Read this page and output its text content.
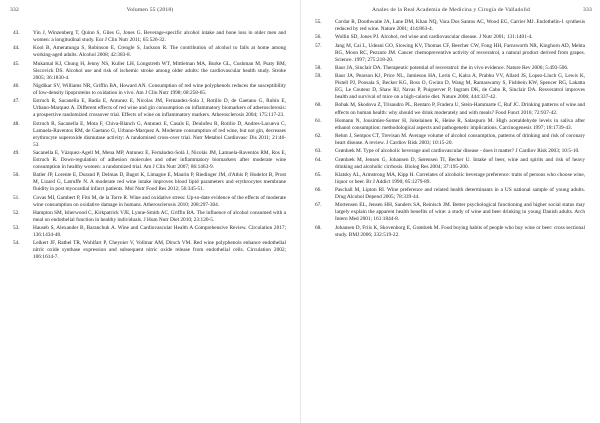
332	Volumen 55 (2018)
43.	Yin J, Winzenberg T, Quinn S, Giles G, Jones G. Beverage-specific alcohol intake and bone loss in older men and women: a longitudinal study. Eur J Clin Nutr 2011; 65:526-32.
44.	Kool B, Ameratunga S, Robinson E, Crengle S, Jackson R. The contribution of alcohol to falls at home among working-aged adults. Alcohol 2008; 42:383-8.
45.	Mukamal KJ, Chung H, Jenny NS, Kuller LH, Longstreth WT, Mittleman MA, Burke GL, Cushman M, Psaty BM, Siscovick DS. Alcohol use and risk of ischemic stroke among older adults: the cardiovascular health study. Stroke 2005; 36:1830-4.
46.	Nigdikar SV, Williams NR, Griffin BA, Howard AN. Consumption of red wine polyphenols reduces the susceptibility of low-density lipoproteins to oxidation in vivo. Am J Clin Nutr 1998; 68:258-65.
47.	Estruch R, Sacanella E, Badia E, Antunez E, Nicolas JM, Fernandez-Sola J, Rotilio D, de Gaetano G, Rubin E, Urbano-Marquez A. Different effects of red wine and gin consumption on inflammatory biomarkers of atherosclerosis: a prospective randomized crossover trial. Effects of wine on inflammatory markers. Atherosclerosis 2004; 175:117-23.
48.	Estruch R, Sacanella E, Mota F, Chiva-Blanch G, Antunez E, Casals E, Deulofeu R, Rotilio D, Andres-Lacueva C, Lamuela-Raventos RM, de Gaetano G, Urbano-Marquez A. Moderate consumption of red wine, but not gin, decreases erythrocyte superoxide dismutase activity: A randomised cross-over trial. Nutr Metabol Cardiovasc Dis 2011; 21:46-53.
49.	Sacanella E, Vázquez-Agell M, Mena MP, Antunez E, Fernández-Solà J, Nicolás JM, Lamuela-Raventós RM, Ros E, Estruch R. Down-regulation of adhesion molecules and other inflammatory biomarkers after moderate wine consumption in healthy women: a randomized trial. Am J Clin Nutr 2007; 86:1463-9.
50.	Batler JP, Lorente E, Durand P, Delmas D, Bagot K, Limagne E, Maurin P, Riedinger JM, d'Athis P, Hudelot B, Prost M, Lizard G, Latruffe N. A moderate red wine intake improves blood lipid parameters and erythrocytes membrane fluidity in post myocardial infarct patients. Mol Nutr Food Res 2012; 56:345-51.
51.	Covas MI, Gambert P, Fitó M, de la Torre R. Wine and oxidative stress: Up-to-date evidence of the effects of moderate wine consumption on oxidative damage in humans. Atherosclerosis 2010; 208:297-304.
52.	Hampton SM, Isherwood C, Kirkpatrick VJE, Lynne-Smith AC, Griffin BA. The influence of alcohol consumed with a meal on endothelial function in healthy individuals. J Hum Nutr Diet 2010; 23:120-5.
53.	Hauseb S, Alexander B, Baranchuk A. Wine and Cardiovascular Health A Comprehensive Review. Circulation 2017; 136:1434-48.
54.	Leikert JF, Rathel TR, Wohlfart P, Cheynier V, Vollmar AM, Dirsch VM. Red wine polyphenols enhance endothelial nitric oxide synthase expression and subsequent nitric oxide release from endothelial cells. Circulation 2002; 106:1614-7.
Anales de la Real Academia de Medicina y Cirugía de Valladolid	333
55.	Cordar R, Douthwaite JA, Lane DM, Khan NQ, Vaca Dos Santos AC, Wood EG, Carrier MJ. Endothelin-1 synthesis reduced by red wine. Nature 2001; 414:863-4.
56.	Wollin SD, Jones PJ. Alcohol, red wine and cardiovascular disease. J Nutr 2001; 131:1401-4.
57.	Jang M, Cai L, Udeani GO, Slowing KV, Thomas CF, Beecher CW, Fong HH, Farnsworth NR, Kinghorn AD, Mehta RG, Moon RC, Pezzuto JM. Cancer chemopreventive activity of resveratrol, a natural product derived from grapes. Science. 1997; 275:218-20.
58.	Baur JA, Sinclair DA. Therapeutic potential of resveratrol: the in vivo evidence. Nature Rev 2006; 5:493-506.
59.	Baur JA, Pearson KJ, Price NL, Jamieson HA, Lerin C, Kalra A, Prabhu VV, Allard JS, Lopez-Lluch G, Lewis K, Pistell PJ, Poosala S, Becker KG, Boss O, Gwinn D, Wang M, Ramaswamy S, Fishbein KW, Spencer RG, Lakatta EG, Le Couteur D, Shaw RJ, Navas P, Puigserver P, Ingram DK, de Cabo R, Sinclair DA. Resveratrol improves health and survival of mice on a high-calorie diet. Nature 2006; 444:337-42.
60.	Bobak M, Skodova Z, Trisaudro PL, Rentaro P, Fradera U, Stein-Hammarte C, Ruf JC. Drinking patterns of wine and effects on human health: why should we drink moderately and with meals? Food Funct 2016; 72:937-42.
61.	Homann N, Jousimies-Somer H, Jokelainen K, Heine R, Salaspuro M. High acetaldehyde levels in saliva after ethanol consumption: methodological aspects and pathogenetic implications. Carcinogenesis 1997; 18:1739-43.
62.	Rehm J, Sempos CT, Trevisan M. Average volume of alcohol consumption, patterns of drinking and risk of coronary heart disease. A review. J Cardiov Risk 2003; 10:15-20.
63.	Grønbæk M. Type of alcoholic beverage and cardiovascular disease - does it matter? J Cardiov Risk 2003; 10:5-10.
64.	Grønbæk M, Jensen G, Johansen D, Sørensen TI, Becker U. Intake of beer, wine and spirits and risk of heavy drinking and alcoholic cirrhosis. Biolog Res 2004; 37:195-200.
65.	Klatsky AL, Armstrong MA, Kipp H. Correlates of alcoholic beverage preference: traits of persons who choose wine, liquor or beer. Br J Addict 1990; 85:1279-89.
66.	Paschall M, Lipton RI. Wine preference and related health determinants in a US national sample of young adults. Drug Alcohol Depend 2005; 78:339-44.
67.	Mortensen EL, Jensen HH, Sanders SA, Reinisch JM. Better psychological functioning and higher social status may largely explain the apparent health benefits of wine: a study of wine and beer drinking in young Danish adults. Arch Intern Med 2001; 161:1844-8.
68.	Johansen D, Friis K, Skovenborg E, Grønbæk M. Food buying habits of people who buy wine or beer: cross sectional study. BMJ 2006; 332:519-22.
